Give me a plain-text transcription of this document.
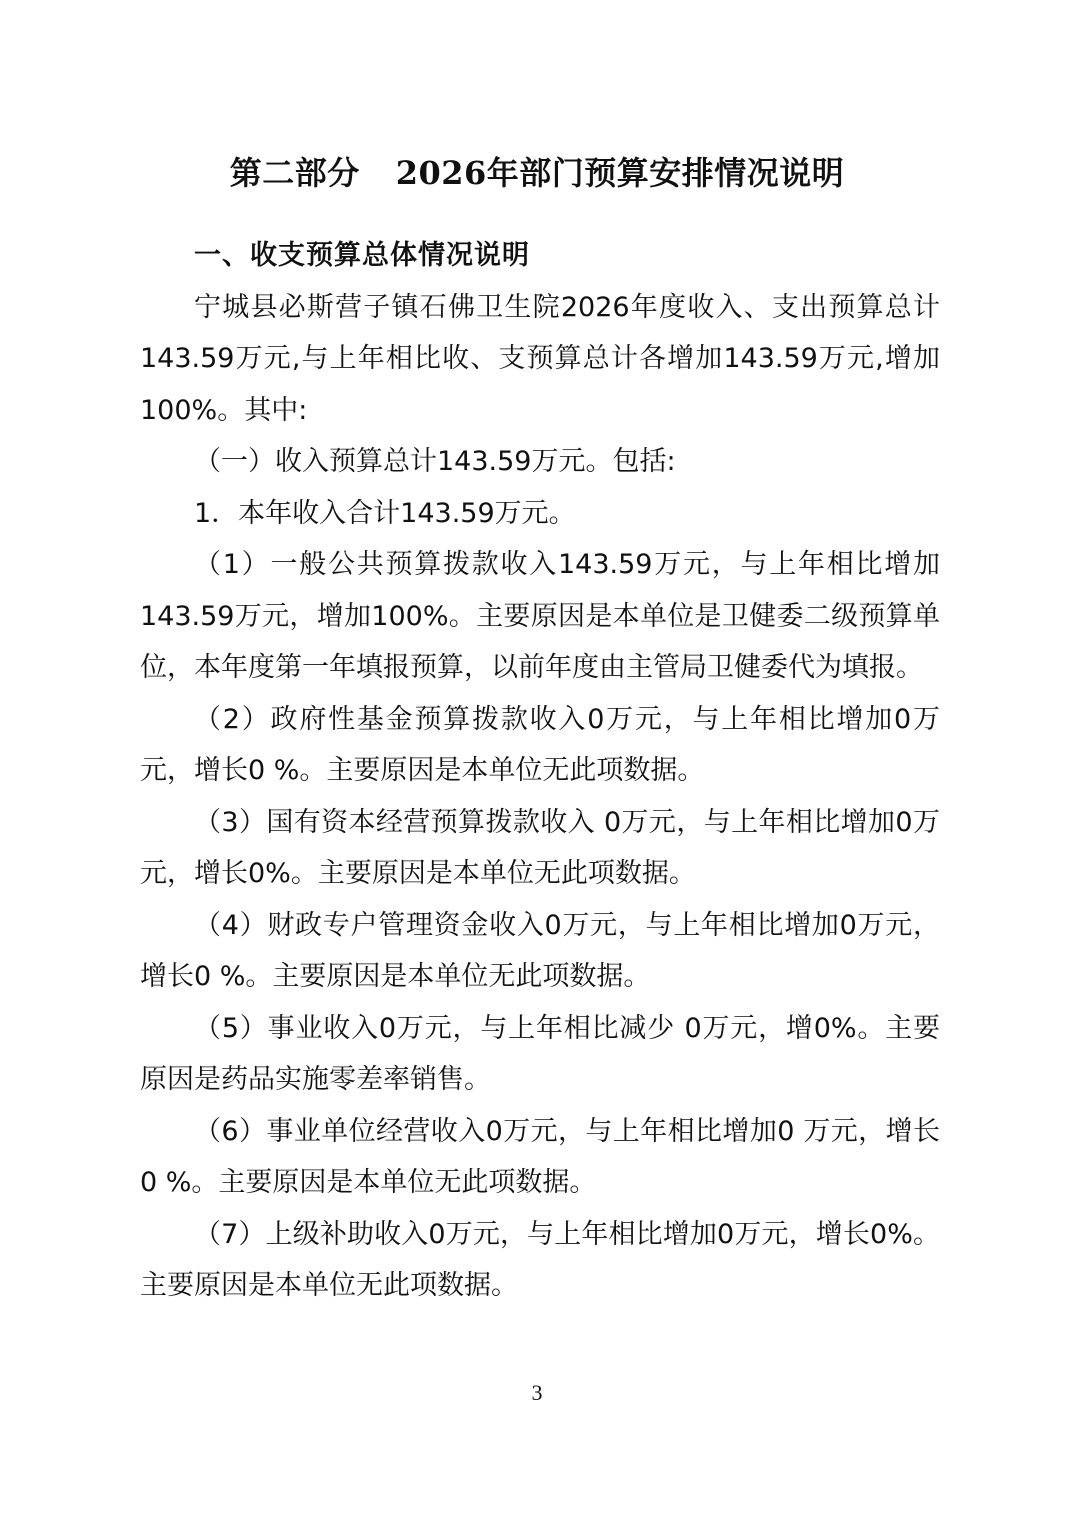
第二部分 2026年部门预算安排情况说明

一、收支预算总体情况说明

宁城县必斯营子镇石佛卫生院2026年度收入、支出预算总计143.59万元,与上年相比收、支预算总计各增加143.59万元,增加100%。其中:

（一）收入预算总计143.59万元。包括:

1．本年收入合计143.59万元。

（1）一般公共预算拨款收入143.59万元，与上年相比增加143.59万元，增加100%。主要原因是本单位是卫健委二级预算单位，本年度第一年填报预算，以前年度由主管局卫健委代为填报。

（2）政府性基金预算拨款收入0万元，与上年相比增加0万元，增长0 %。主要原因是本单位无此项数据。

（3）国有资本经营预算拨款收入 0万元，与上年相比增加0万元，增长0%。主要原因是本单位无此项数据。

（4）财政专户管理资金收入0万元，与上年相比增加0万元，增长0 %。主要原因是本单位无此项数据。

（5）事业收入0万元，与上年相比减少 0万元，增0%。主要原因是药品实施零差率销售。

（6）事业单位经营收入0万元，与上年相比增加0 万元，增长0 %。主要原因是本单位无此项数据。

（7）上级补助收入0万元，与上年相比增加0万元，增长0%。主要原因是本单位无此项数据。

3
